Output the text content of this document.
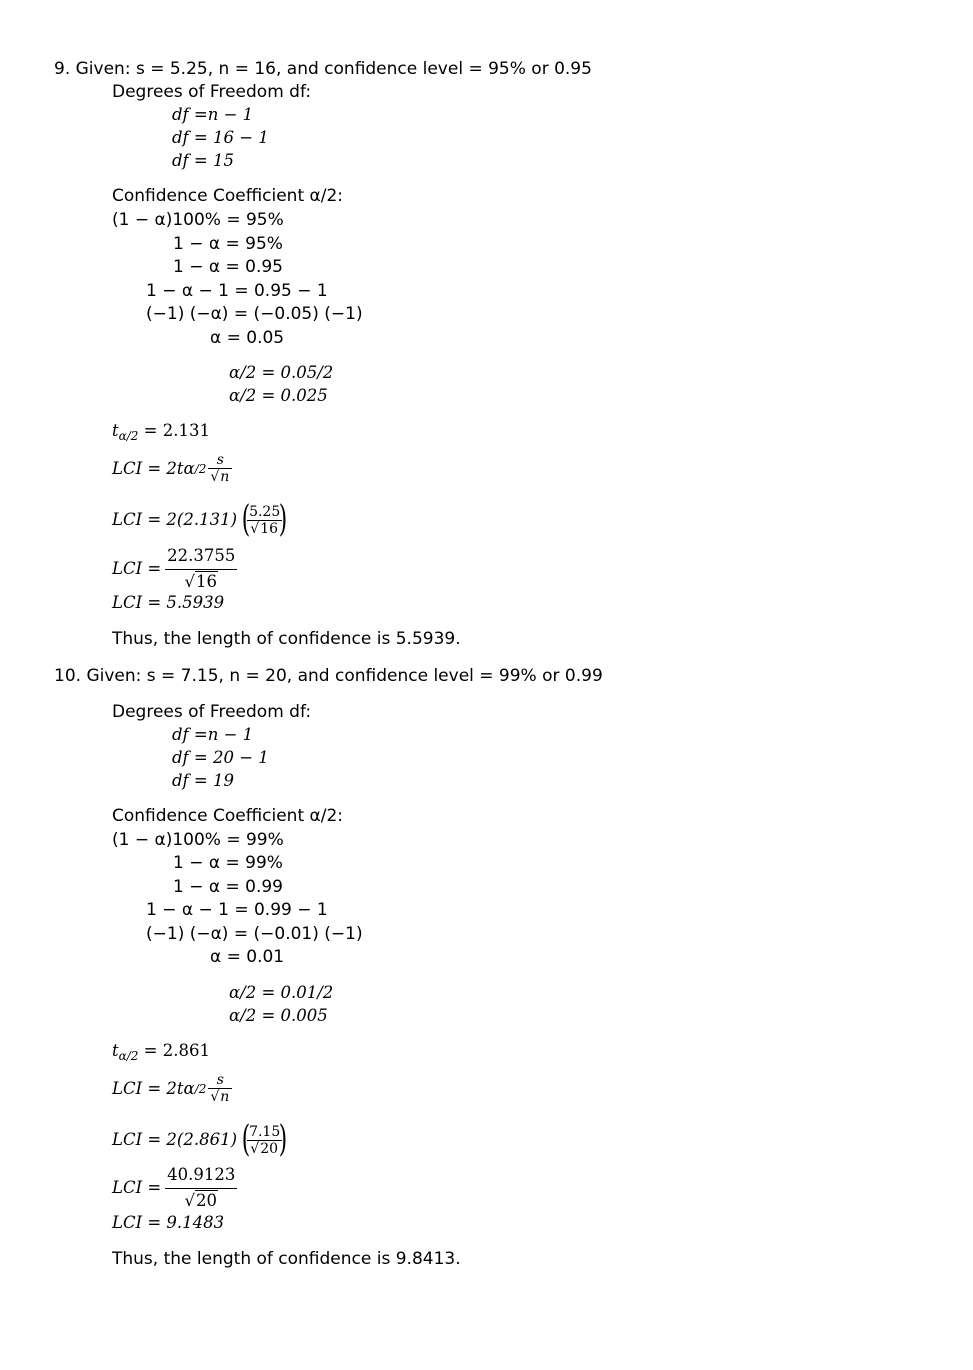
9. Given: s = 5.25, n = 16, and confidence level = 95% or 0.95
Degrees of Freedom df:
df =n − 1
df = 16 − 1
df = 15
Confidence Coefficient α/2:
(1 − α)100% = 95%
1 − α = 95%
1 − α = 0.95
1 − α − 1 = 0.95 − 1
(−1) (−α) = (−0.05) (−1)
α = 0.05
α/2 = 0.05/2
α/2 = 0.025
$t_{\alpha/2} = 2.131$
LCI = 2tα $/2 \frac{s}{√n}$
LCI = 2(2.131) (
$\frac{5.25}{√16}$
)
LCI = $\frac{22.3755}{√16}$
LCI = 5.5939
Thus, the length of confidence is 5.5939.
10. Given: s = 7.15, n = 20, and confidence level = 99% or 0.99
Degrees of Freedom df:
df =n − 1
df = 20 − 1
df = 19
Confidence Coefficient α/2:
(1 − α)100% = 99%
1 − α = 99%
1 − α = 0.99
1 − α − 1 = 0.99 − 1
(−1) (−α) = (−0.01) (−1)
α = 0.01
α/2 = 0.01/2
α/2 = 0.005
$t_{\alpha/2} = 2.861$
LCI = 2tα $/2 \frac{s}{√n}$
LCI = 2(2.861) (
$\frac{7.15}{√20}$
)
LCI = $\frac{40.9123}{√20}$
LCI = 9.1483
Thus, the length of confidence is 9.8413.
